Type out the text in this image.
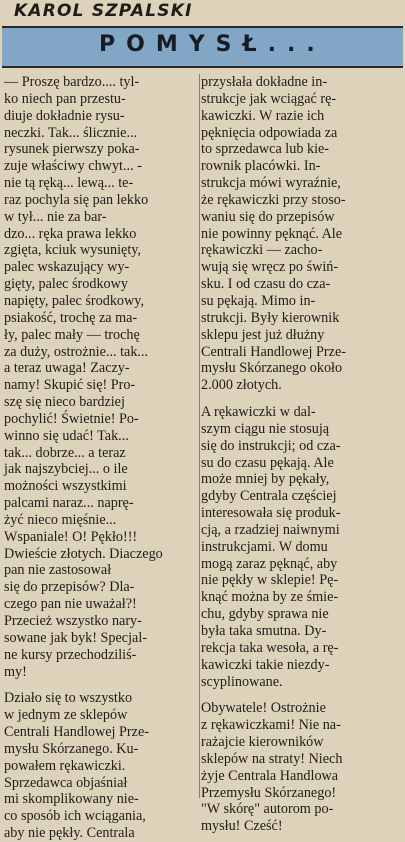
KAROL SZPALSKI
POMYSŁ...
— Proszę bardzo.... tyl-
ko niech pan przestu-
diuje dokładnie rysu-
neczki. Tak... ślicznie...
rysunek pierwszy poka-
zuje właściwy chwyt... -
nie tą ręką... lewą... te-
raz pochyla się pan lekko
w tył... nie za bar-
dzo... ręka prawa lekko
zgięta, kciuk wysunięty,
palec wskazujący wy-
gięty, palec środkowy
napięty, palec środkowy,
psiakość, trochę za ma-
ły, palec mały — trochę
za duży, ostrożnie... tak...
a teraz uwaga! Zaczy-
namy! Skupić się! Pro-
szę się nieco bardziej
pochylić! Świetnie! Po-
winno się udać! Tak...
tak... dobrze... a teraz
jak najszybciej... o ile
możności wszystkimi
palcami naraz... naprę-
żyć nieco mięśnie...
Wspaniale! O! Pękło!!!
Dwieście złotych. Diaczego
pan nie zastosował
się do przepisów? Dla-
czego pan nie uważał?!
Przecież wszystko nary-
sowane jak byk! Specjal-
ne kursy przechodziliś-
my!
Działo się to wszystko
w jednym ze sklepów
Centrali Handlowej Prze-
mysłu Skórzanego. Ku-
powałem rękawiczki.
Sprzedawca objaśniał
mi skomplikowany nie-
co sposób ich wciągania,
aby nie pękły. Centrala
przysłała dokładne in-
strukcje jak wciągać rę-
kawiczki. W razie ich
pęknięcia odpowiada za
to sprzedawca lub kie-
rownik placówki. In-
strukcja mówi wyraźnie,
że rękawiczki przy stoso-
waniu się do przepisów
nie powinny pęknąć. Ale
rękawiczki — zacho-
wują się wręcz po świń-
sku. I od czasu do cza-
su pękają. Mimo in-
strukcji. Były kierownik
sklepu jest już dłużny
Centrali Handlowej Prze-
mysłu Skórzanego około
2.000 złotych.
A rękawiczki w dal-
szym ciągu nie stosują
się do instrukcji; od cza-
su do czasu pękają. Ale
może mniej by pękały,
gdyby Centrala częściej
interesowała się produk-
cją, a rzadziej naiwnymi
instrukcjami. W domu
mogą zaraz pęknąć, aby
nie pękły w sklepie! Pę-
knąć można by ze śmie-
chu, gdyby sprawa nie
była taka smutna. Dy-
rekcja taka wesoła, a rę-
kawiczki takie niezdy-
scyplinowane.
Obywatele! Ostrożnie
z rękawiczkami! Nie na-
rażajcie kierowników
sklepów na straty! Niech
żyje Centrala Handlowa
Przemysłu Skórzanego!
"W skórę" autorom po-
mysłu! Cześć!
